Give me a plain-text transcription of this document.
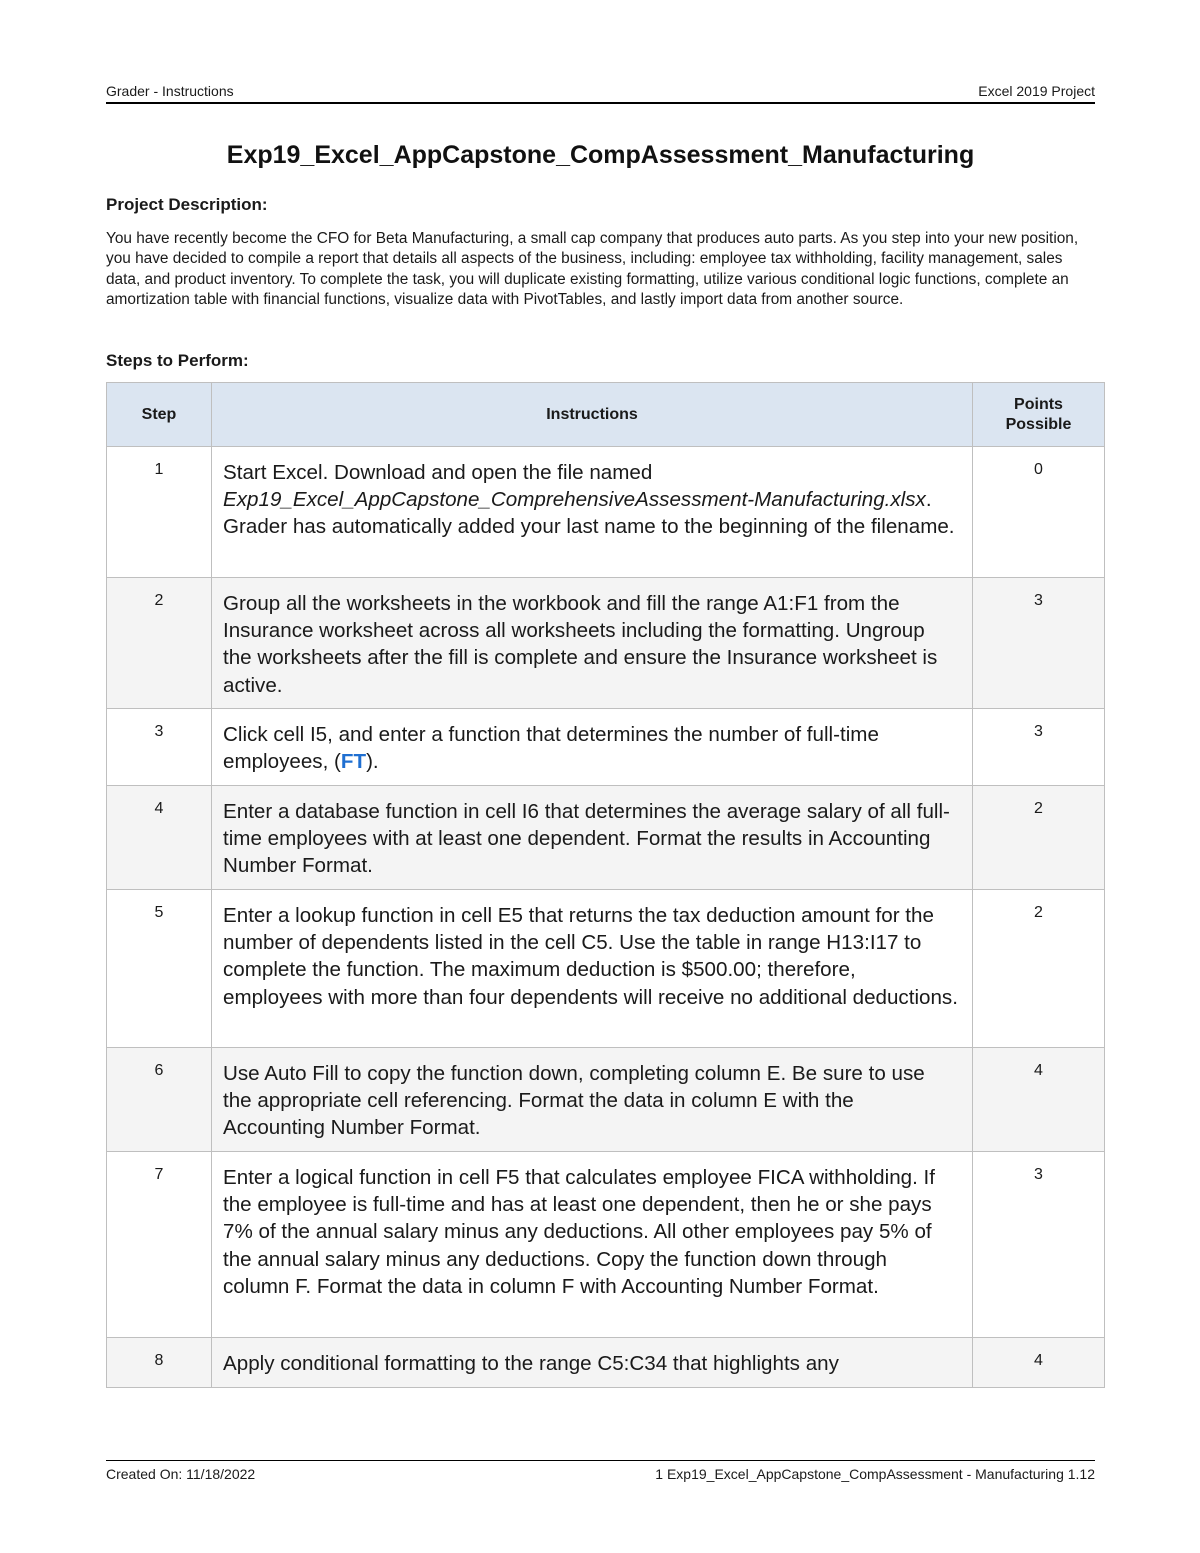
Grader - Instructions	Excel 2019 Project
Exp19_Excel_AppCapstone_CompAssessment_Manufacturing
Project Description:
You have recently become the CFO for Beta Manufacturing, a small cap company that produces auto parts. As you step into your new position, you have decided to compile a report that details all aspects of the business, including: employee tax withholding, facility management, sales data, and product inventory. To complete the task, you will duplicate existing formatting, utilize various conditional logic functions, complete an amortization table with financial functions, visualize data with PivotTables, and lastly import data from another source.
Steps to Perform:
Step	Instructions	Points
Possible
1	Start Excel. Download and open the file named Exp19_Excel_AppCapstone_ComprehensiveAssessment-Manufacturing.xlsx. Grader has automatically added your last name to the beginning of the filename.	0
2	Group all the worksheets in the workbook and fill the range A1:F1 from the Insurance worksheet across all worksheets including the formatting. Ungroup the worksheets after the fill is complete and ensure the Insurance worksheet is active.	3
3	Click cell I5, and enter a function that determines the number of full-time employees, (FT).	3
4	Enter a database function in cell I6 that determines the average salary of all full-time employees with at least one dependent. Format the results in Accounting Number Format.	2
5	Enter a lookup function in cell E5 that returns the tax deduction amount for the number of dependents listed in the cell C5. Use the table in range H13:I17 to complete the function. The maximum deduction is $500.00; therefore, employees with more than four dependents will receive no additional deductions.	2
6	Use Auto Fill to copy the function down, completing column E. Be sure to use the appropriate cell referencing. Format the data in column E with the Accounting Number Format.	4
7	Enter a logical function in cell F5 that calculates employee FICA withholding. If the employee is full-time and has at least one dependent, then he or she pays 7% of the annual salary minus any deductions. All other employees pay 5% of the annual salary minus any deductions. Copy the function down through column F. Format the data in column F with Accounting Number Format.	3
8	Apply conditional formatting to the range C5:C34 that highlights any	4
Created On: 11/18/2022	1 Exp19_Excel_AppCapstone_CompAssessment - Manufacturing 1.12
